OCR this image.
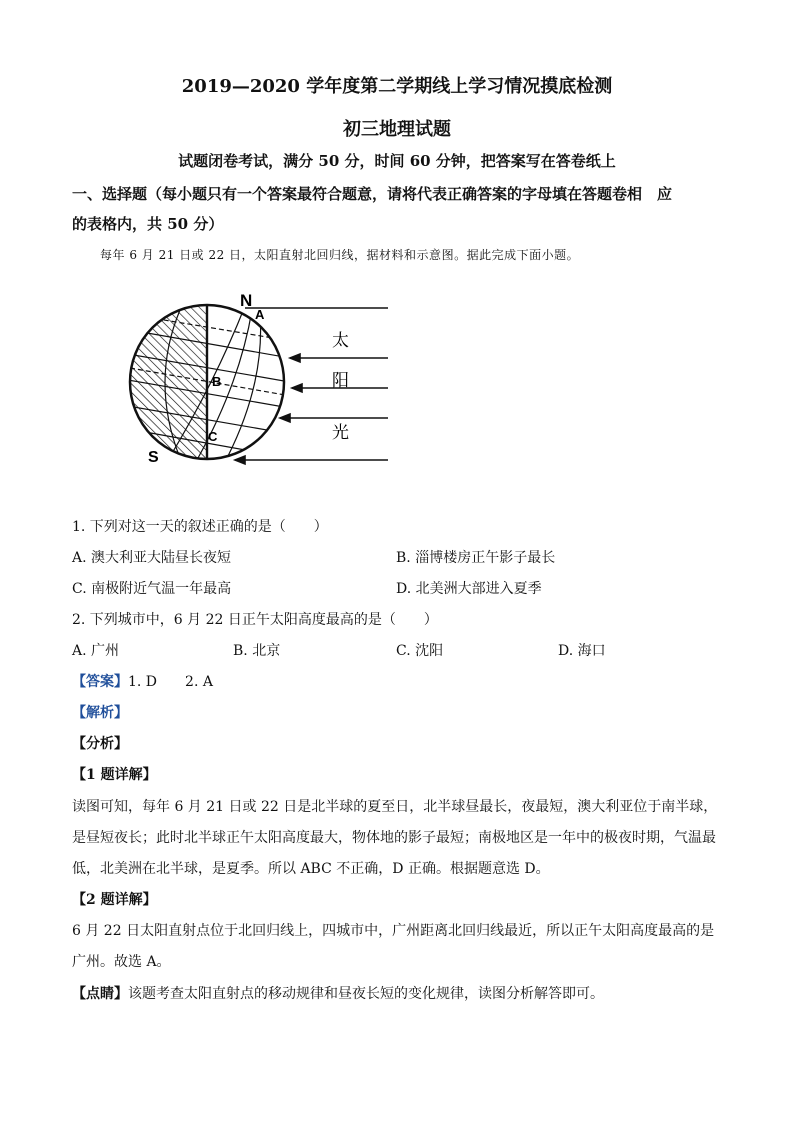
2019—2020 学年度第二学期线上学习情况摸底检测
初三地理试题
试题闭卷考试，满分 50 分，时间 60 分钟，把答案写在答卷纸上
一、选择题（每小题只有一个答案最符合题意，请将代表正确答案的字母填在答题卷相　应
的表格内，共 50 分）
每年 6 月 21 日或 22 日，太阳直射北回归线，据材料和示意图。据此完成下面小题。
N
A
B
C
S
太
阳
光
1. 下列对这一天的叙述正确的是（　　）
A. 澳大利亚大陆昼长夜短	B. 淄博楼房正午影子最长
C. 南极附近气温一年最高	D. 北美洲大部进入夏季
2. 下列城市中，6 月 22 日正午太阳高度最高的是（　　）
A. 广州	B. 北京	C. 沈阳	D. 海口
【答案】1. D　　2. A
【解析】
【分析】
【1 题详解】
读图可知，每年 6 月 21 日或 22 日是北半球的夏至日，北半球昼最长，夜最短，澳大利亚位于南半球，
是昼短夜长；此时北半球正午太阳高度最大，物体地的影子最短；南极地区是一年中的极夜时期，气温最
低，北美洲在北半球，是夏季。所以 ABC 不正确，D 正确。根据题意选 D。
【2 题详解】
6 月 22 日太阳直射点位于北回归线上，四城市中，广州距离北回归线最近，所以正午太阳高度最高的是
广州。故选 A。
【点睛】该题考查太阳直射点的移动规律和昼夜长短的变化规律，读图分析解答即可。
